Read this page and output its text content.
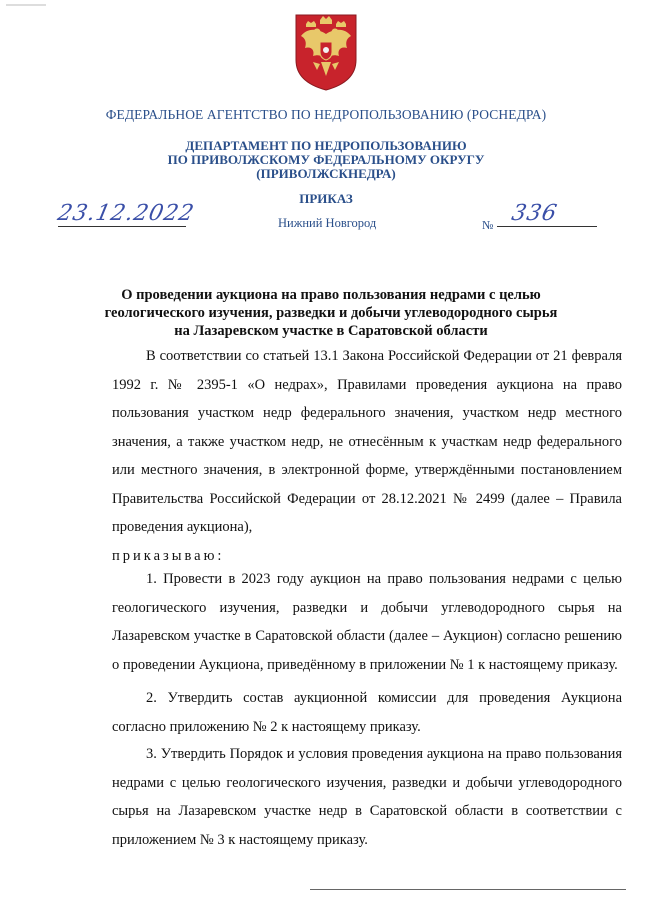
ФЕДЕРАЛЬНОЕ АГЕНТСТВО ПО НЕДРОПОЛЬЗОВАНИЮ (РОСНЕДРА)
ДЕПАРТАМЕНТ ПО НЕДРОПОЛЬЗОВАНИЮ
ПО ПРИВОЛЖСКОМУ ФЕДЕРАЛЬНОМУ ОКРУГУ
(ПРИВОЛЖСКНЕДРА)
ПРИКАЗ
23.12.2022	Нижний Новгород	№ 336
О проведении аукциона на право пользования недрами с целью
геологического изучения, разведки и добычи углеводородного сырья
на Лазаревском участке в Саратовской области

В соответствии со статьей 13.1 Закона Российской Федерации от 21 февраля 1992 г. № 2395-1 «О недрах», Правилами проведения аукциона на право пользования участком недр федерального значения, участком недр местного значения, а также участком недр, не отнесённым к участкам недр федерального или местного значения, в электронной форме, утверждёнными постановлением Правительства Российской Федерации от 28.12.2021 № 2499 (далее – Правила проведения аукциона),
приказываю:

1. Провести в 2023 году аукцион на право пользования недрами с целью геологического изучения, разведки и добычи углеводородного сырья на Лазаревском участке в Саратовской области (далее – Аукцион) согласно решению о проведении Аукциона, приведённому в приложении № 1 к настоящему приказу.

2. Утвердить состав аукционной комиссии для проведения Аукциона согласно приложению № 2 к настоящему приказу.

3. Утвердить Порядок и условия проведения аукциона на право пользования недрами с целью геологического изучения, разведки и добычи углеводородного сырья на Лазаревском участке недр в Саратовской области в соответствии с приложением № 3 к настоящему приказу.
